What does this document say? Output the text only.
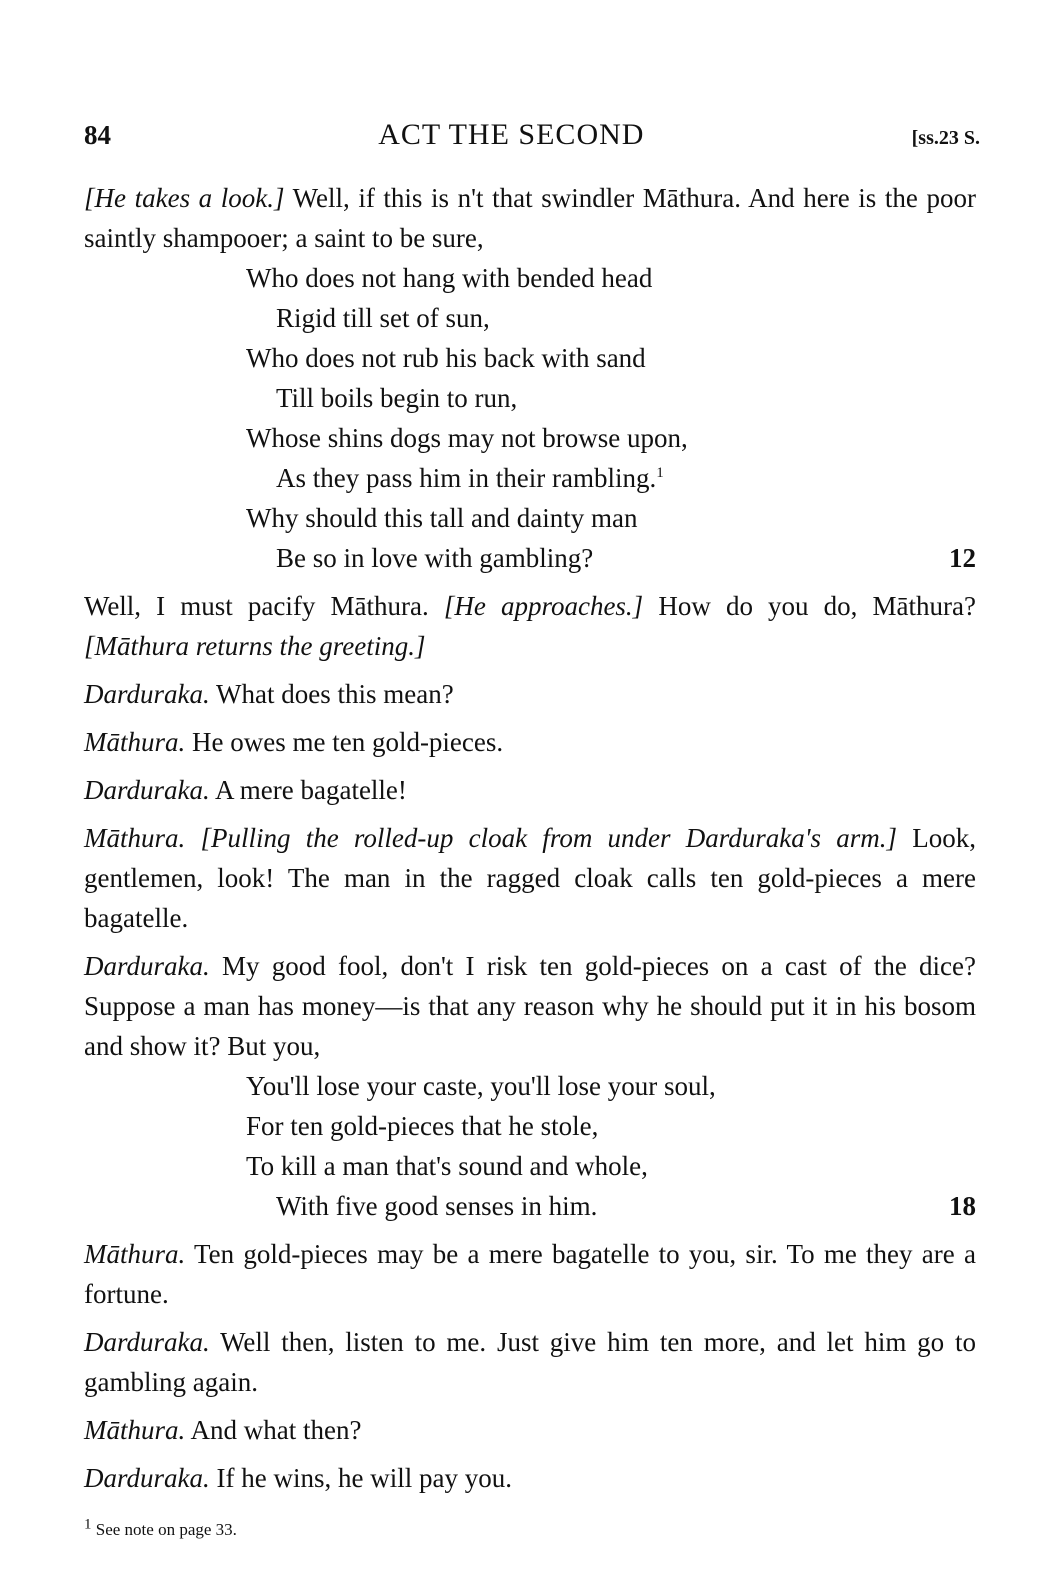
84	ACT THE SECOND	[ss.23 S.

[He takes a look.] Well, if this is n't that swindler Māthura. And here is the poor saintly shampooer; a saint to be sure,

Who does not hang with bended head
Rigid till set of sun,
Who does not rub his back with sand
Till boils begin to run,
Whose shins dogs may not browse upon,
As they pass him in their rambling.$^1$
Why should this tall and dainty man
Be so in love with gambling?	12

Well, I must pacify Māthura. [He approaches.] How do you do, Māthura? [Māthura returns the greeting.]

Darduraka. What does this mean?

Māthura. He owes me ten gold-pieces.

Darduraka. A mere bagatelle!

Māthura. [Pulling the rolled-up cloak from under Darduraka's arm.] Look, gentlemen, look! The man in the ragged cloak calls ten gold-pieces a mere bagatelle.

Darduraka. My good fool, don't I risk ten gold-pieces on a cast of the dice? Suppose a man has money—is that any reason why he should put it in his bosom and show it? But you,

You'll lose your caste, you'll lose your soul,
For ten gold-pieces that he stole,
To kill a man that's sound and whole,
With five good senses in him.	18

Māthura. Ten gold-pieces may be a mere bagatelle to you, sir. To me they are a fortune.

Darduraka. Well then, listen to me. Just give him ten more, and let him go to gambling again.

Māthura. And what then?

Darduraka. If he wins, he will pay you.

$^1$ See note on page 33.
